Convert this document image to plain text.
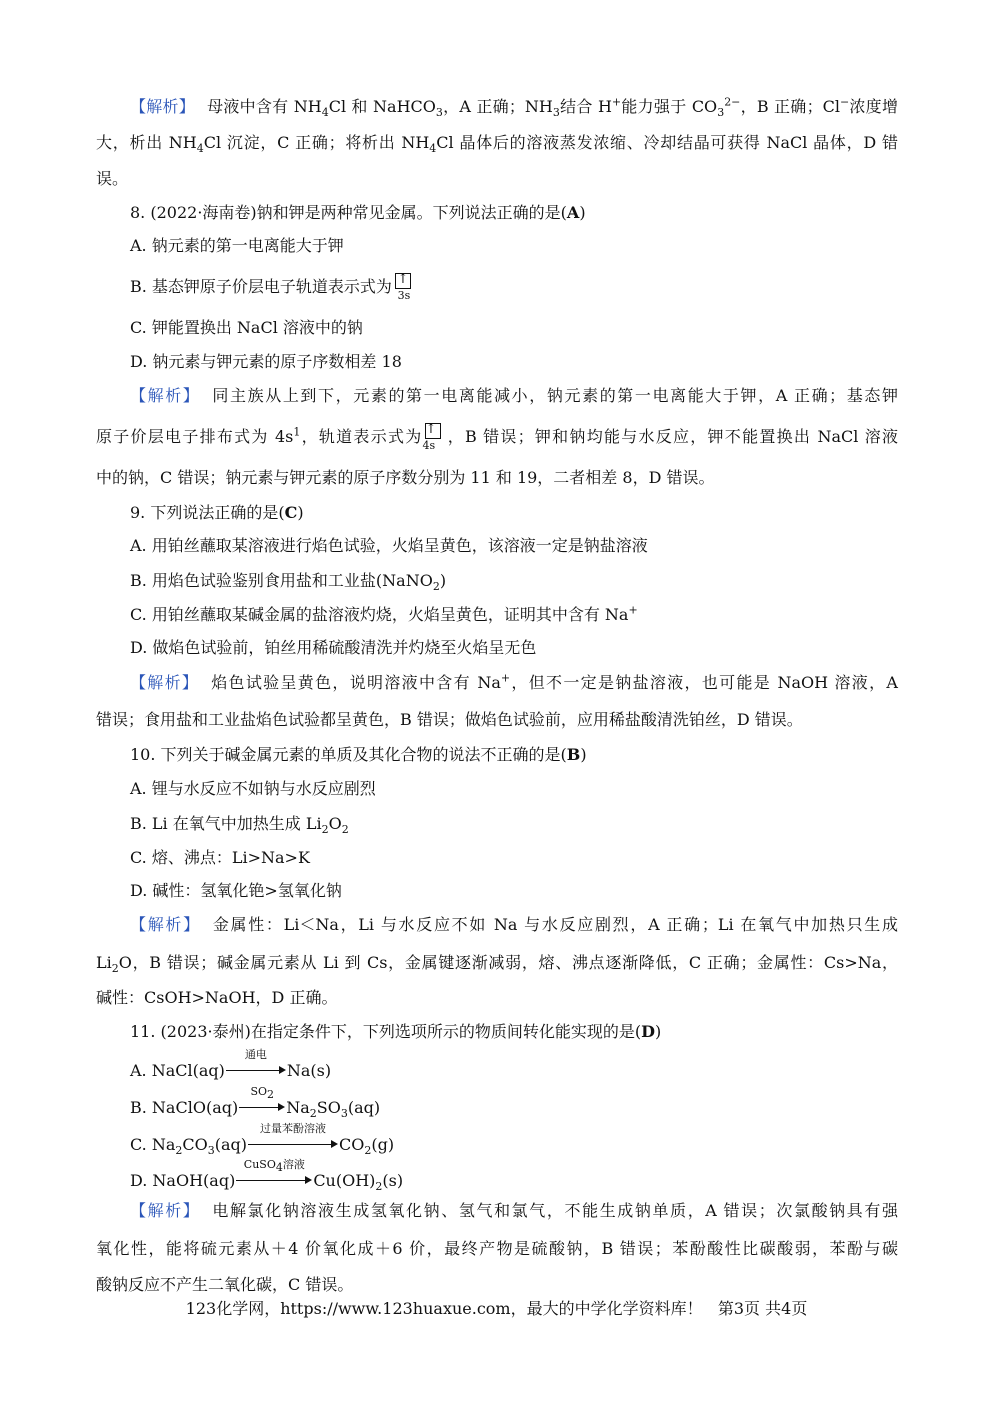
【解析】 母液中含有 $NH_4Cl$ 和 NaHCO$_3$，A 正确；$NH_3$结合 H+能力强于 $CO_3^{2-}$，B 正确；Cl−浓度增
大，析出 $NH_4Cl$ 沉淀，C 正确；将析出 $NH_4Cl$ 晶体后的溶液蒸发浓缩、冷却结晶可获得 NaCl 晶体，D 错
误。
8. (2022·海南卷)钠和钾是两种常见金属。下列说法正确的是(A)
A. 钠元素的第一电离能大于钾
B. 基态钾原子价层电子轨道表示式为 ↑
3s
C. 钾能置换出 NaCl 溶液中的钠
D. 钠元素与钾元素的原子序数相差 18
【解析】 同主族从上到下，元素的第一电离能减小，钠元素的第一电离能大于钾，A 正确；基态钾
原子价层电子排布式为 $4s^1$，轨道表示式为 ↑
4s ，B 错误；钾和钠均能与水反应，钾不能置换出 NaCl 溶液
中的钠，C 错误；钠元素与钾元素的原子序数分别为 11 和 19，二者相差 8，D 错误。
9. 下列说法正确的是(C)
A. 用铂丝蘸取某溶液进行焰色试验，火焰呈黄色，该溶液一定是钠盐溶液
B. 用焰色试验鉴别食用盐和工业盐(NaNO$_2$)
C. 用铂丝蘸取某碱金属的盐溶液灼烧，火焰呈黄色，证明其中含有 Na+
D. 做焰色试验前，铂丝用稀硫酸清洗并灼烧至火焰呈无色
【解析】 焰色试验呈黄色，说明溶液中含有 Na+，但不一定是钠盐溶液，也可能是 NaOH 溶液，A
错误；食用盐和工业盐焰色试验都呈黄色，B 错误；做焰色试验前，应用稀盐酸清洗铂丝，D 错误。
10. 下列关于碱金属元素的单质及其化合物的说法不正确的是(B)
A. 锂与水反应不如钠与水反应剧烈
B. Li 在氧气中加热生成 $Li_2O_2$
C. 熔、沸点：Li>Na>K
D. 碱性：氢氧化铯>氢氧化钠
【解析】 金属性：Li＜Na，Li 与水反应不如 Na 与水反应剧烈，A 正确；Li 在氧气中加热只生成
$Li_2O$，B 错误；碱金属元素从 Li 到 Cs，金属键逐渐减弱，熔、沸点逐渐降低，C 正确；金属性：Cs>Na，
碱性：CsOH>NaOH，D 正确。
11. (2023·泰州)在指定条件下，下列选项所示的物质间转化能实现的是(D)
A. NaCl(aq)
通电
Na(s)
B. NaClO(aq)
$SO_2$
$Na_2SO_3(aq)$
C. $Na_2CO_3(aq)$
过量苯酚溶液
$CO_2(g)$
D. NaOH(aq)
CuSO$_4$溶液
$Cu(OH)_2(s)$
【解析】 电解氯化钠溶液生成氢氧化钠、氢气和氯气，不能生成钠单质，A 错误；次氯酸钠具有强
氧化性，能将硫元素从＋4 价氧化成＋6 价，最终产物是硫酸钠，B 错误；苯酚酸性比碳酸弱，苯酚与碳
酸钠反应不产生二氧化碳，C 错误。
123化学网，https://www.123huaxue.com，最大的中学化学资料库！ 第3页 共4页
